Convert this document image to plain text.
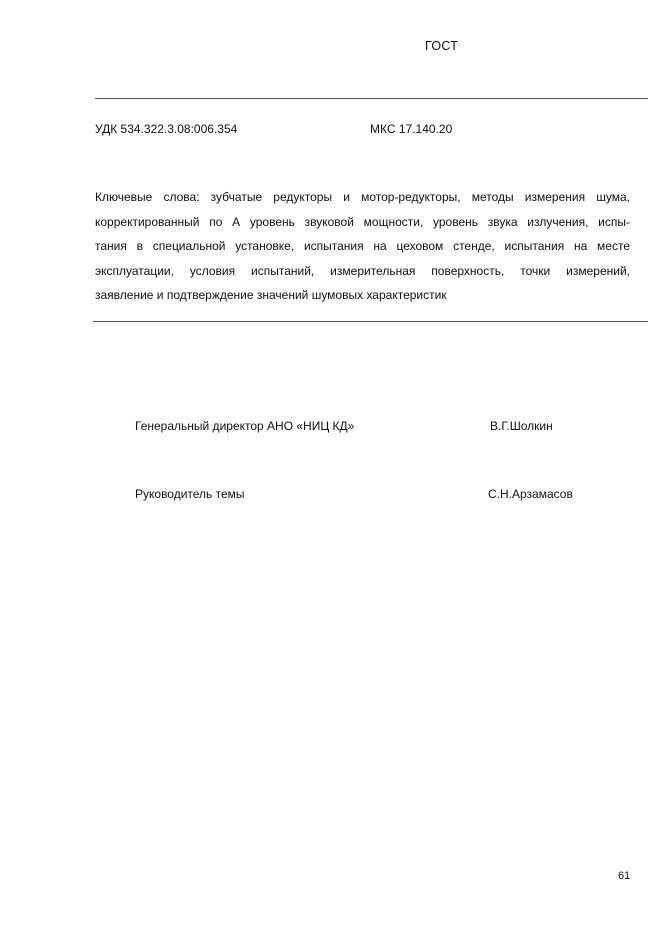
ГОСТ
УДК 534.322.3.08:006.354	МКС 17.140.20
Ключевые слова: зубчатые редукторы и мотор-редукторы, методы измерения шума,
корректированный по А уровень звуковой мощности, уровень звука излучения, испы-
тания в специальной установке, испытания на цеховом стенде, испытания на месте
эксплуатации, условия испытаний, измерительная поверхность, точки измерений,
заявление и подтверждение значений шумовых характеристик
Генеральный директор АНО «НИЦ КД»	В.Г.Шолкин
Руководитель темы	С.Н.Арзамасов
61
